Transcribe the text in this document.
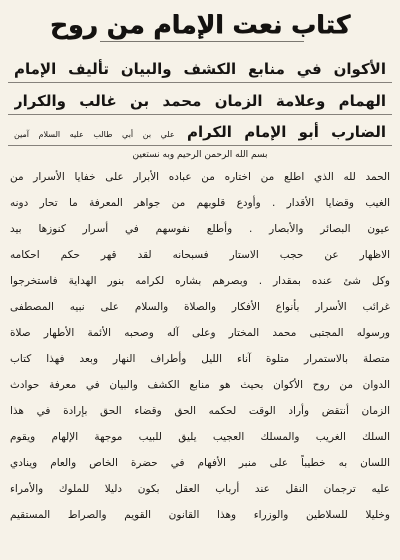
كتاب نعت الإمام من روح
الأكوان في منابع الكشف والبيان تأليف الإمام
الهمام وعلامة الزمان محمد بن غالب والكرار
الضارب أبو الإمام الكرام علي بن أبي طالب عليه السلام آمين
بسم الله الرحمن الرحيم وبه نستعين
الحمد لله الذي اطلع من اختاره من عباده الأبرار على خفايا الأسرار من
الغيب وقضايا الأقدار . وأودع قلوبهم من جواهر المعرفة ما تحار دونه
عيون البصائر والأبصار . وأطلع نفوسهم في أسرار كنوزها بيد
الاظهار عن حجب الاستار فسبحانه لقد قهر حكم احكامه
وكل شئ عنده بمقدار . وبصرهم بشاره لكرامه بنور الهداية فاستخرجوا
غرائب الأسرار بأنواع الأفكار والصلاة والسلام على نبيه المصطفى
ورسوله المجتبى محمد المختار وعلى آله وصحبه الأئمة الأطهار صلاة
متصلة بالاستمرار متلوة آناء الليل وأطراف النهار وبعد فهذا كتاب
الدوان من روح الأكوان بحيث هو منابع الكشف والبيان في معرفة حوادث
الزمان أنتقض وأراد الوقت لحكمه الحق وقضاء الحق بإرادة في هذا
السلك الغريب والمسلك العجيب يليق للبيب موجهة الإلهام ويقوم
اللسان به خطيباً على منبر الأفهام في حضرة الخاص والعام وينادي
عليه ترجمان النقل عند أرباب العقل بكون دليلا للملوك والأمراء
وخليلا للسلاطين والوزراء وهذا القانون القويم والصراط المستقيم
